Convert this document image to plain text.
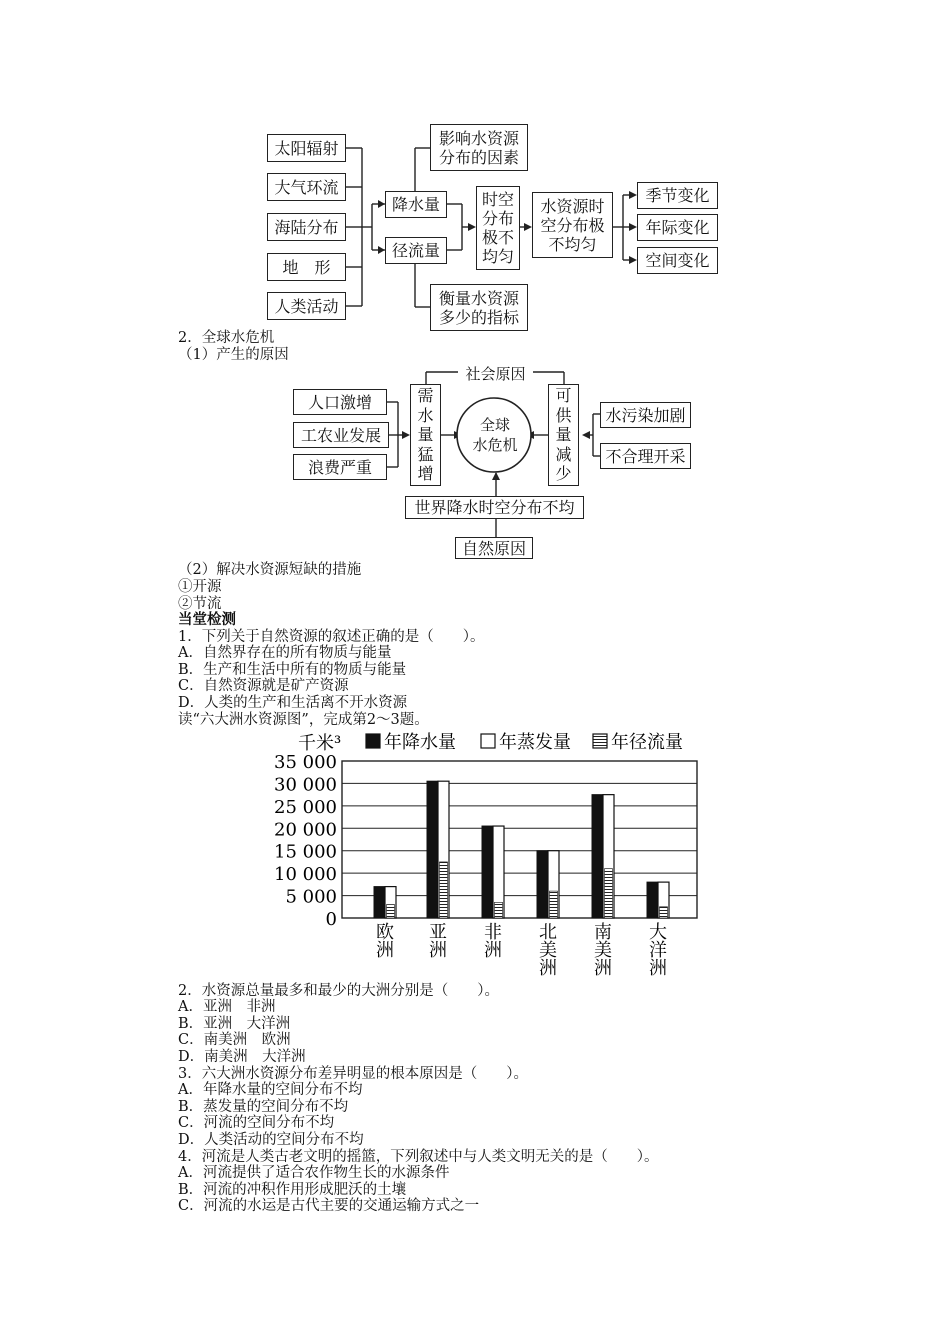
太阳辐射
大气环流
海陆分布
地　形
人类活动
影响水资源
分布的因素
降水量
径流量
衡量水资源
多少的指标
时空
分布
极不
均匀
水资源时
空分布极
不均匀
季节变化
年际变化
空间变化
2．全球水危机
（1）产生的原因
社会原因
人口激增
工农业发展
浪费严重
需
水
量
猛
增
全球
水危机
可
供
量
减
少
水污染加剧
不合理开采
世界降水时空分布不均
自然原因
（2）解决水资源短缺的措施
①开源
②节流
当堂检测
1．下列关于自然资源的叙述正确的是（　　）。
A．自然界存在的所有物质与能量
B．生产和生活中所有的物质与能量
C．自然资源就是矿产资源
D．人类的生产和生活离不开水资源
读“六大洲水资源图”，完成第2～3题。
千米³ 年降水量 年蒸发量 年径流量
35 000
30 000
25 000
20 000
15 000
10 000
5 000
0
欧
洲
亚
洲
非
洲
北
美
洲
南
美
洲
大
洋
洲
2．水资源总量最多和最少的大洲分别是（　　）。
A．亚洲　非洲
B．亚洲　大洋洲
C．南美洲　欧洲
D．南美洲　大洋洲
3．六大洲水资源分布差异明显的根本原因是（　　）。
A．年降水量的空间分布不均
B．蒸发量的空间分布不均
C．河流的空间分布不均
D．人类活动的空间分布不均
4．河流是人类古老文明的摇篮，下列叙述中与人类文明无关的是（　　）。
A．河流提供了适合农作物生长的水源条件
B．河流的冲积作用形成肥沃的土壤
C．河流的水运是古代主要的交通运输方式之一
